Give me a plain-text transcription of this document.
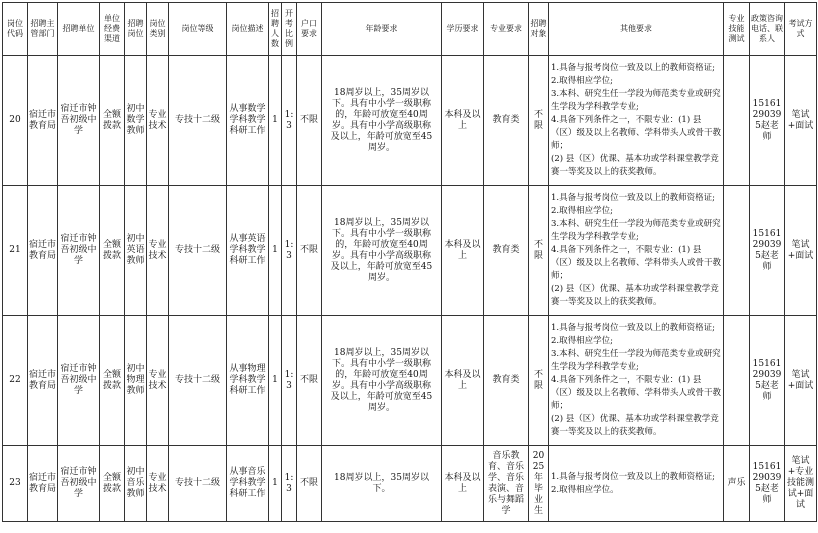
岗位代码	招聘主管部门	招聘单位	单位经费渠道	招聘岗位	岗位类别	岗位等级	岗位描述	招聘人数	开考比例	户口要求	年龄要求	学历要求	专业要求	招聘对象	其他要求	专业技能测试	政策咨询电话、联系人	考试方式
20	宿迁市教育局	宿迁市钟吾初级中学	全额拨款	初中数学教师	专业技术	专技十二级	从事数学学科教学科研工作	1	1:3	不限	18周岁以上，35周岁以下。具有中小学一级职称的，年龄可放宽至40周岁。具有中小学高级职称及以上，年龄可放宽至45周岁。	本科及以上	教育类	不限	1.具备与报考岗位一致及以上的教师资格证;
2.取得相应学位;
3.本科、研究生任一学段为师范类专业或研究生学段为学科教学专业;
4.具备下列条件之一，不限专业：(1) 县（区）级及以上名教师、学科带头人或骨干教师；
(2) 县（区）优课、基本功或学科课堂教学竞赛一等奖及以上的获奖教师。		15161290395赵老师	笔试+面试
21	宿迁市教育局	宿迁市钟吾初级中学	全额拨款	初中英语教师	专业技术	专技十二级	从事英语学科教学科研工作	1	1:3	不限	18周岁以上，35周岁以下。具有中小学一级职称的，年龄可放宽至40周岁。具有中小学高级职称及以上，年龄可放宽至45周岁。	本科及以上	教育类	不限	1.具备与报考岗位一致及以上的教师资格证;
2.取得相应学位;
3.本科、研究生任一学段为师范类专业或研究生学段为学科教学专业;
4.具备下列条件之一，不限专业：(1) 县（区）级及以上名教师、学科带头人或骨干教师；
(2) 县（区）优课、基本功或学科课堂教学竞赛一等奖及以上的获奖教师。		15161290395赵老师	笔试+面试
22	宿迁市教育局	宿迁市钟吾初级中学	全额拨款	初中物理教师	专业技术	专技十二级	从事物理学科教学科研工作	1	1:3	不限	18周岁以上，35周岁以下。具有中小学一级职称的，年龄可放宽至40周岁。具有中小学高级职称及以上，年龄可放宽至45周岁。	本科及以上	教育类	不限	1.具备与报考岗位一致及以上的教师资格证;
2.取得相应学位;
3.本科、研究生任一学段为师范类专业或研究生学段为学科教学专业;
4.具备下列条件之一，不限专业：(1) 县（区）级及以上名教师、学科带头人或骨干教师；
(2) 县（区）优课、基本功或学科课堂教学竞赛一等奖及以上的获奖教师。		15161290395赵老师	笔试+面试
23	宿迁市教育局	宿迁市钟吾初级中学	全额拨款	初中音乐教师	专业技术	专技十二级	从事音乐学科教学科研工作	1	1:3	不限	18周岁以上，35周岁以下。	本科及以上	音乐教育、音乐学、音乐表演、音乐与舞蹈学	2025年毕业生	1.具备与报考岗位一致及以上的教师资格证;
2.取得相应学位。	声乐	15161290395赵老师	笔试+专业技能测试+面试
